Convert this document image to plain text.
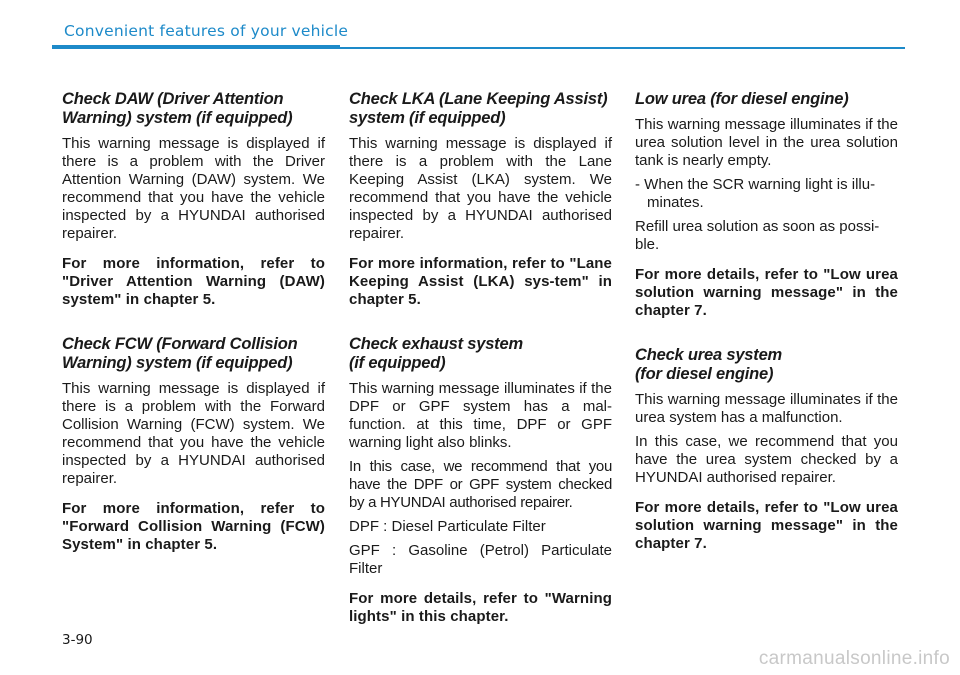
Convenient features of your vehicle
Check DAW (Driver Attention Warning) system (if equipped)

This warning message is displayed if there is a problem with the Driver Attention Warning (DAW) system. We recommend that you have the vehicle inspected by a HYUNDAI authorised repairer.

For more information, refer to "Driver Attention Warning (DAW) system" in chapter 5.

Check FCW (Forward Collision Warning) system (if equipped)

This warning message is displayed if there is a problem with the Forward Collision Warning (FCW) system. We recommend that you have the vehicle inspected by a HYUNDAI authorised repairer.

For more information, refer to "Forward Collision Warning (FCW) System" in chapter 5.

Check LKA (Lane Keeping Assist) system (if equipped)

This warning message is displayed if there is a problem with the Lane Keeping Assist (LKA) system. We recommend that you have the vehicle inspected by a HYUNDAI authorised repairer.

For more information, refer to "Lane Keeping Assist (LKA) sys-tem" in chapter 5.

Check exhaust system
(if equipped)

This warning message illuminates if the DPF or GPF system has a mal-function. at this time, DPF or GPF warning light also blinks.

In this case, we recommend that you have the DPF or GPF system checked by a HYUNDAI authorised repairer.

DPF : Diesel Particulate Filter

GPF : Gasoline (Petrol) Particulate Filter

For more details, refer to "Warning lights" in this chapter.

Low urea (for diesel engine)

This warning message illuminates if the urea solution level in the urea solution tank is nearly empty.

- When the SCR warning light is illu-minates.

Refill urea solution as soon as possi-ble.

For more details, refer to "Low urea solution warning message" in the chapter 7.

Check urea system
(for diesel engine)

This warning message illuminates if the urea system has a malfunction.

In this case, we recommend that you have the urea system checked by a HYUNDAI authorised repairer.

For more details, refer to "Low urea solution warning message" in the chapter 7.

3-90
carmanualsonline.info
